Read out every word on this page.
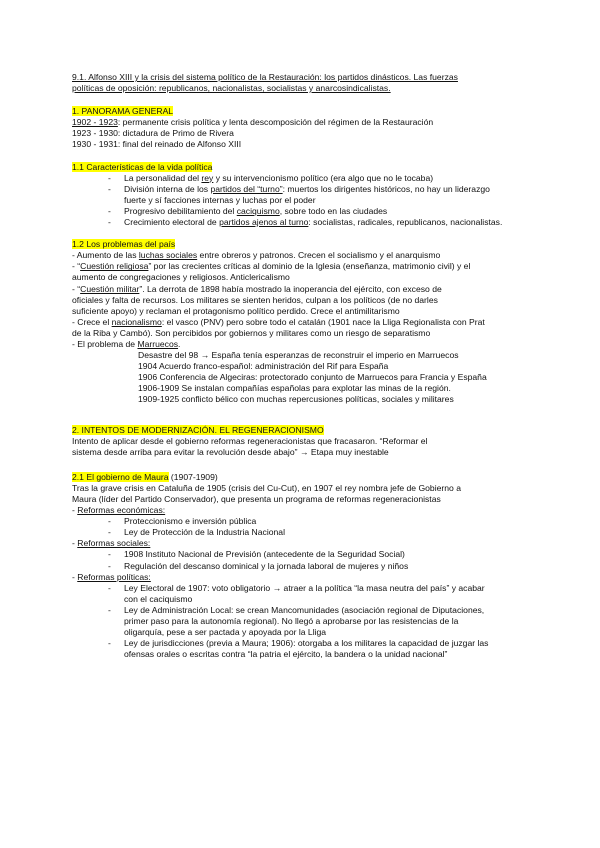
9.1. Alfonso XIII y la crisis del sistema político de la Restauración: los partidos dinásticos. Las fuerzas

políticas de oposición: republicanos, nacionalistas, socialistas y anarcosindicalistas.

1. PANORAMA GENERAL

1902 - 1923: permanente crisis política y lenta descomposición del régimen de la Restauración

1923 - 1930: dictadura de Primo de Rivera

1930 - 1931: final del reinado de Alfonso XIII

1.1 Características de la vida política

- La personalidad del rey y su intervencionismo político (era algo que no le tocaba)
- División interna de los partidos del “turno”: muertos los dirigentes históricos, no hay un liderazgo
fuerte y sí facciones internas y luchas por el poder
- Progresivo debilitamiento del caciquismo, sobre todo en las ciudades
- Crecimiento electoral de partidos ajenos al turno: socialistas, radicales, republicanos, nacionalistas.

1.2 Los problemas del país

- Aumento de las luchas sociales entre obreros y patronos. Crecen el socialismo y el anarquismo

- “Cuestión religiosa” por las crecientes críticas al dominio de la Iglesia (enseñanza, matrimonio civil) y el
aumento de congregaciones y religiosos. Anticlericalismo

- “Cuestión militar”. La derrota de 1898 había mostrado la inoperancia del ejército, con exceso de
oficiales y falta de recursos. Los militares se sienten heridos, culpan a los políticos (de no darles
suficiente apoyo) y reclaman el protagonismo político perdido. Crece el antimilitarismo

- Crece el nacionalismo: el vasco (PNV) pero sobre todo el catalán (1901 nace la Lliga Regionalista con Prat
de la Riba y Cambó). Son percibidos por gobiernos y militares como un riesgo de separatismo

- El problema de Marruecos.

Desastre del 98 → España tenía esperanzas de reconstruir el imperio en Marruecos

1904 Acuerdo franco-español: administración del Rif para España

1906 Conferencia de Algeciras: protectorado conjunto de Marruecos para Francia y España

1906-1909 Se instalan compañías españolas para explotar las minas de la región.

1909-1925 conflicto bélico con muchas repercusiones políticas, sociales y militares

2. INTENTOS DE MODERNIZACIÓN. EL REGENERACIONISMO

Intento de aplicar desde el gobierno reformas regeneracionistas que fracasaron. “Reformar el
sistema desde arriba para evitar la revolución desde abajo” → Etapa muy inestable

2.1 El gobierno de Maura (1907-1909)

Tras la grave crisis en Cataluña de 1905 (crisis del Cu-Cut), en 1907 el rey nombra jefe de Gobierno a
Maura (líder del Partido Conservador), que presenta un programa de reformas regeneracionistas

- Reformas económicas:

- Proteccionismo e inversión pública
- Ley de Protección de la Industria Nacional

- Reformas sociales:

- 1908 Instituto Nacional de Previsión (antecedente de la Seguridad Social)
- Regulación del descanso dominical y la jornada laboral de mujeres y niños

- Reformas políticas:

- Ley Electoral de 1907: voto obligatorio → atraer a la política “la masa neutra del país” y acabar
con el caciquismo
- Ley de Administración Local: se crean Mancomunidades (asociación regional de Diputaciones,
primer paso para la autonomía regional). No llegó a aprobarse por las resistencias de la
oligarquía, pese a ser pactada y apoyada por la Lliga
- Ley de jurisdicciones (previa a Maura; 1906): otorgaba a los militares la capacidad de juzgar las
ofensas orales o escritas contra “la patria el ejército, la bandera o la unidad nacional”
